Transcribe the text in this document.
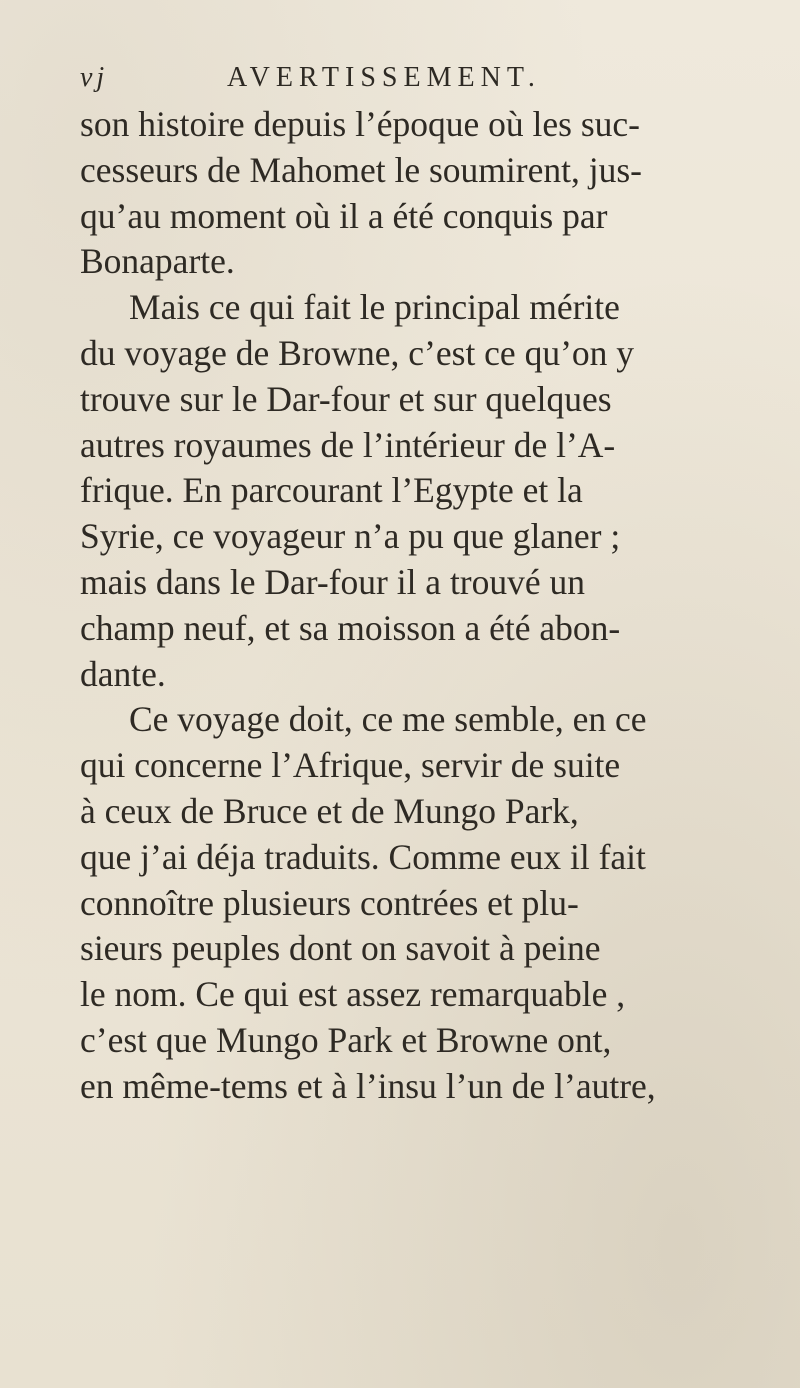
vj	AVERTISSEMENT.
son histoire depuis l’époque où les suc-
cesseurs de Mahomet le soumirent, jus-
qu’au moment où il a été conquis par
Bonaparte.
Mais ce qui fait le principal mérite
du voyage de Browne, c’est ce qu’on y
trouve sur le Dar-four et sur quelques
autres royaumes de l’intérieur de l’A-
frique. En parcourant l’Egypte et la
Syrie, ce voyageur n’a pu que glaner ;
mais dans le Dar-four il a trouvé un
champ neuf, et sa moisson a été abon-
dante.
Ce voyage doit, ce me semble, en ce
qui concerne l’Afrique, servir de suite
à ceux de Bruce et de Mungo Park,
que j’ai déja traduits. Comme eux il fait
connoître plusieurs contrées et plu-
sieurs peuples dont on savoit à peine
le nom. Ce qui est assez remarquable ,
c’est que Mungo Park et Browne ont,
en même-tems et à l’insu l’un de l’autre,
